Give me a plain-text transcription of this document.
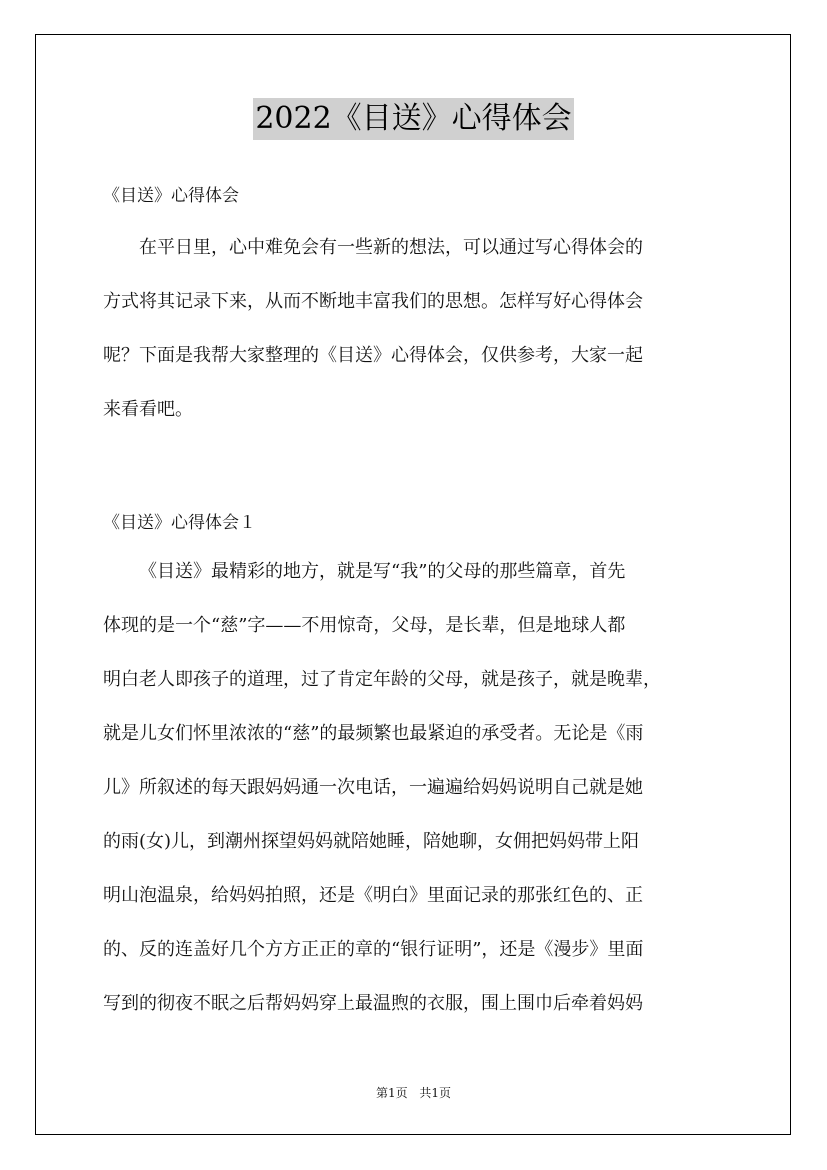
2022《目送》心得体会
《目送》心得体会
在平日里，心中难免会有一些新的想法，可以通过写心得体会的
方式将其记录下来，从而不断地丰富我们的思想。怎样写好心得体会
呢？下面是我帮大家整理的《目送》心得体会，仅供参考，大家一起
来看看吧。
《目送》心得体会１
《目送》最精彩的地方，就是写“我”的父母的那些篇章，首先
体现的是一个“慈”字——不用惊奇，父母，是长辈，但是地球人都
明白老人即孩子的道理，过了肯定年龄的父母，就是孩子，就是晚辈，
就是儿女们怀里浓浓的“慈”的最频繁也最紧迫的承受者。无论是《雨
儿》所叙述的每天跟妈妈通一次电话，一遍遍给妈妈说明自己就是她
的雨(女)儿，到潮州探望妈妈就陪她睡，陪她聊，女佣把妈妈带上阳
明山泡温泉，给妈妈拍照，还是《明白》里面记录的那张红色的、正
的、反的连盖好几个方方正正的章的“银行证明”，还是《漫步》里面
写到的彻夜不眠之后帮妈妈穿上最温煦的衣服，围上围巾后牵着妈妈
第1页 共1页
